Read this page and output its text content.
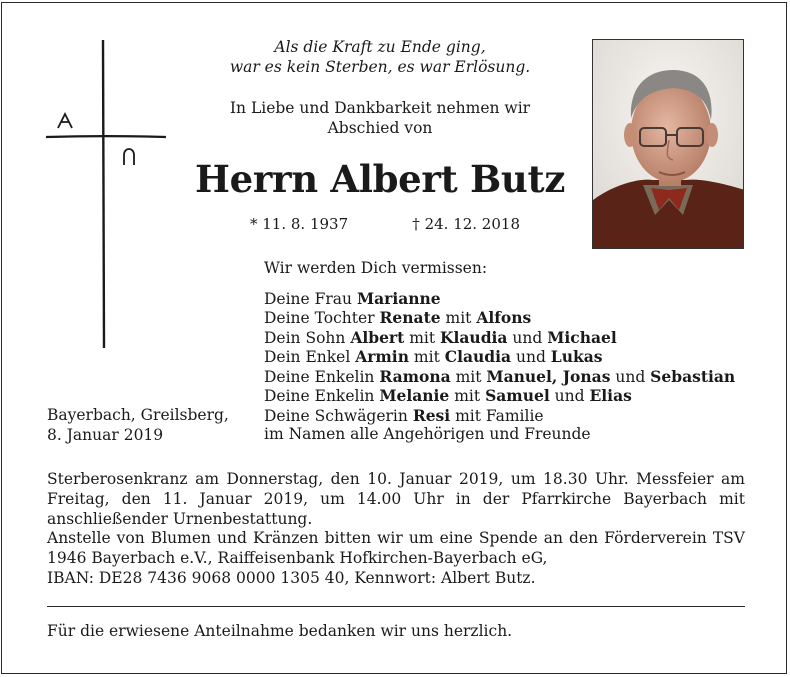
Als die Kraft zu Ende ging,
war es kein Sterben, es war Erlösung.
In Liebe und Dankbarkeit nehmen wir
Abschied von
Herrn Albert Butz
* 11. 8. 1937	† 24. 12. 2018
Wir werden Dich vermissen:
Deine Frau Marianne
Deine Tochter Renate mit Alfons
Dein Sohn Albert mit Klaudia und Michael
Dein Enkel Armin mit Claudia und Lukas
Deine Enkelin Ramona mit Manuel, Jonas und Sebastian
Deine Enkelin Melanie mit Samuel und Elias
Deine Schwägerin Resi mit Familie
im Namen alle Angehörigen und Freunde
Bayerbach, Greilsberg,
8. Januar 2019

Sterberosenkranz am Donnerstag, den 10. Januar 2019, um 18.30 Uhr. Messfeier am Freitag, den 11. Januar 2019, um 14.00 Uhr in der Pfarrkirche Bayerbach mit anschließender Urnenbestattung.

Anstelle von Blumen und Kränzen bitten wir um eine Spende an den Förderverein TSV 1946 Bayerbach e.V., Raiffeisenbank Hofkirchen-Bayerbach eG,

IBAN: DE28 7436 9068 0000 1305 40, Kennwort: Albert Butz.

Für die erwiesene Anteilnahme bedanken wir uns herzlich.
